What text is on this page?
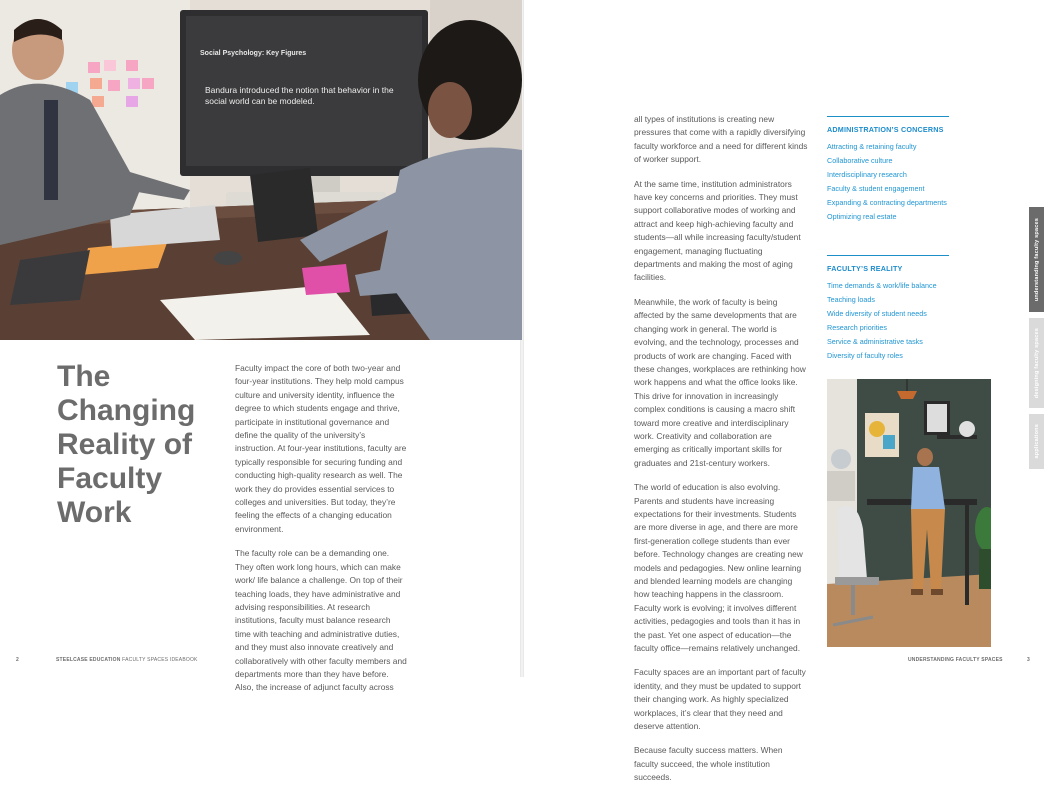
Social Psychology: Key Figures
Bandura introduced the notion that behavior in the social world can be modeled.
The Changing Reality of Faculty Work

Faculty impact the core of both two-year and four-year institutions. They help mold campus culture and university identity, influence the degree to which students engage and thrive, participate in institutional governance and define the quality of the university’s instruction. At four-year institutions, faculty are typically responsible for securing funding and conducting high-quality research as well. The work they do provides essential services to colleges and universities. But today, they’re feeling the effects of a changing education environment.

The faculty role can be a demanding one. They often work long hours, which can make work/ life balance a challenge. On top of their teaching loads, they have administrative and advising responsibilities. At research institutions, faculty must balance research time with teaching and administrative duties, and they must also innovate creatively and collaboratively with other faculty members and departments more than they have before. Also, the increase of adjunct faculty across

all types of institutions is creating new pressures that come with a rapidly diversifying faculty workforce and a need for different kinds of worker support.

At the same time, institution administrators have key concerns and priorities. They must support collaborative modes of working and attract and keep high-achieving faculty and students—all while increasing faculty/student engagement, managing fluctuating departments and making the most of aging facilities.

Meanwhile, the work of faculty is being affected by the same developments that are changing work in general. The world is evolving, and the technology, processes and products of work are changing. Faced with these changes, workplaces are rethinking how work happens and what the office looks like. This drive for innovation in increasingly complex conditions is causing a macro shift toward more creative and interdisciplinary work. Creativity and collaboration are emerging as critically important skills for graduates and 21st-century workers.

The world of education is also evolving. Parents and students have increasing expectations for their investments. Students are more diverse in age, and there are more first-generation college students than ever before. Technology changes are creating new models and pedagogies. New online learning and blended learning models are changing how teaching happens in the classroom. Faculty work is evolving; it involves different activities, pedagogies and tools than it has in the past. Yet one aspect of education—the faculty office—remains relatively unchanged.

Faculty spaces are an important part of faculty identity, and they must be updated to support their changing work. As highly specialized workplaces, it’s clear that they need and deserve attention.

Because faculty success matters. When faculty succeed, the whole institution succeeds.

ADMINISTRATION’S CONCERNS
Attracting & retaining faculty
Collaborative culture
Interdisciplinary research
Faculty & student engagement
Expanding & contracting departments
Optimizing real estate
FACULTY’S REALITY
Time demands & work/life balance
Teaching loads
Wide diversity of student needs
Research priorities
Service & administrative tasks
Diversity of faculty roles
understanding faculty spaces
designing faculty spaces
applications
2	STEELCASE EDUCATION FACULTY SPACES IDEABOOK	UNDERSTANDING FACULTY SPACES	3
